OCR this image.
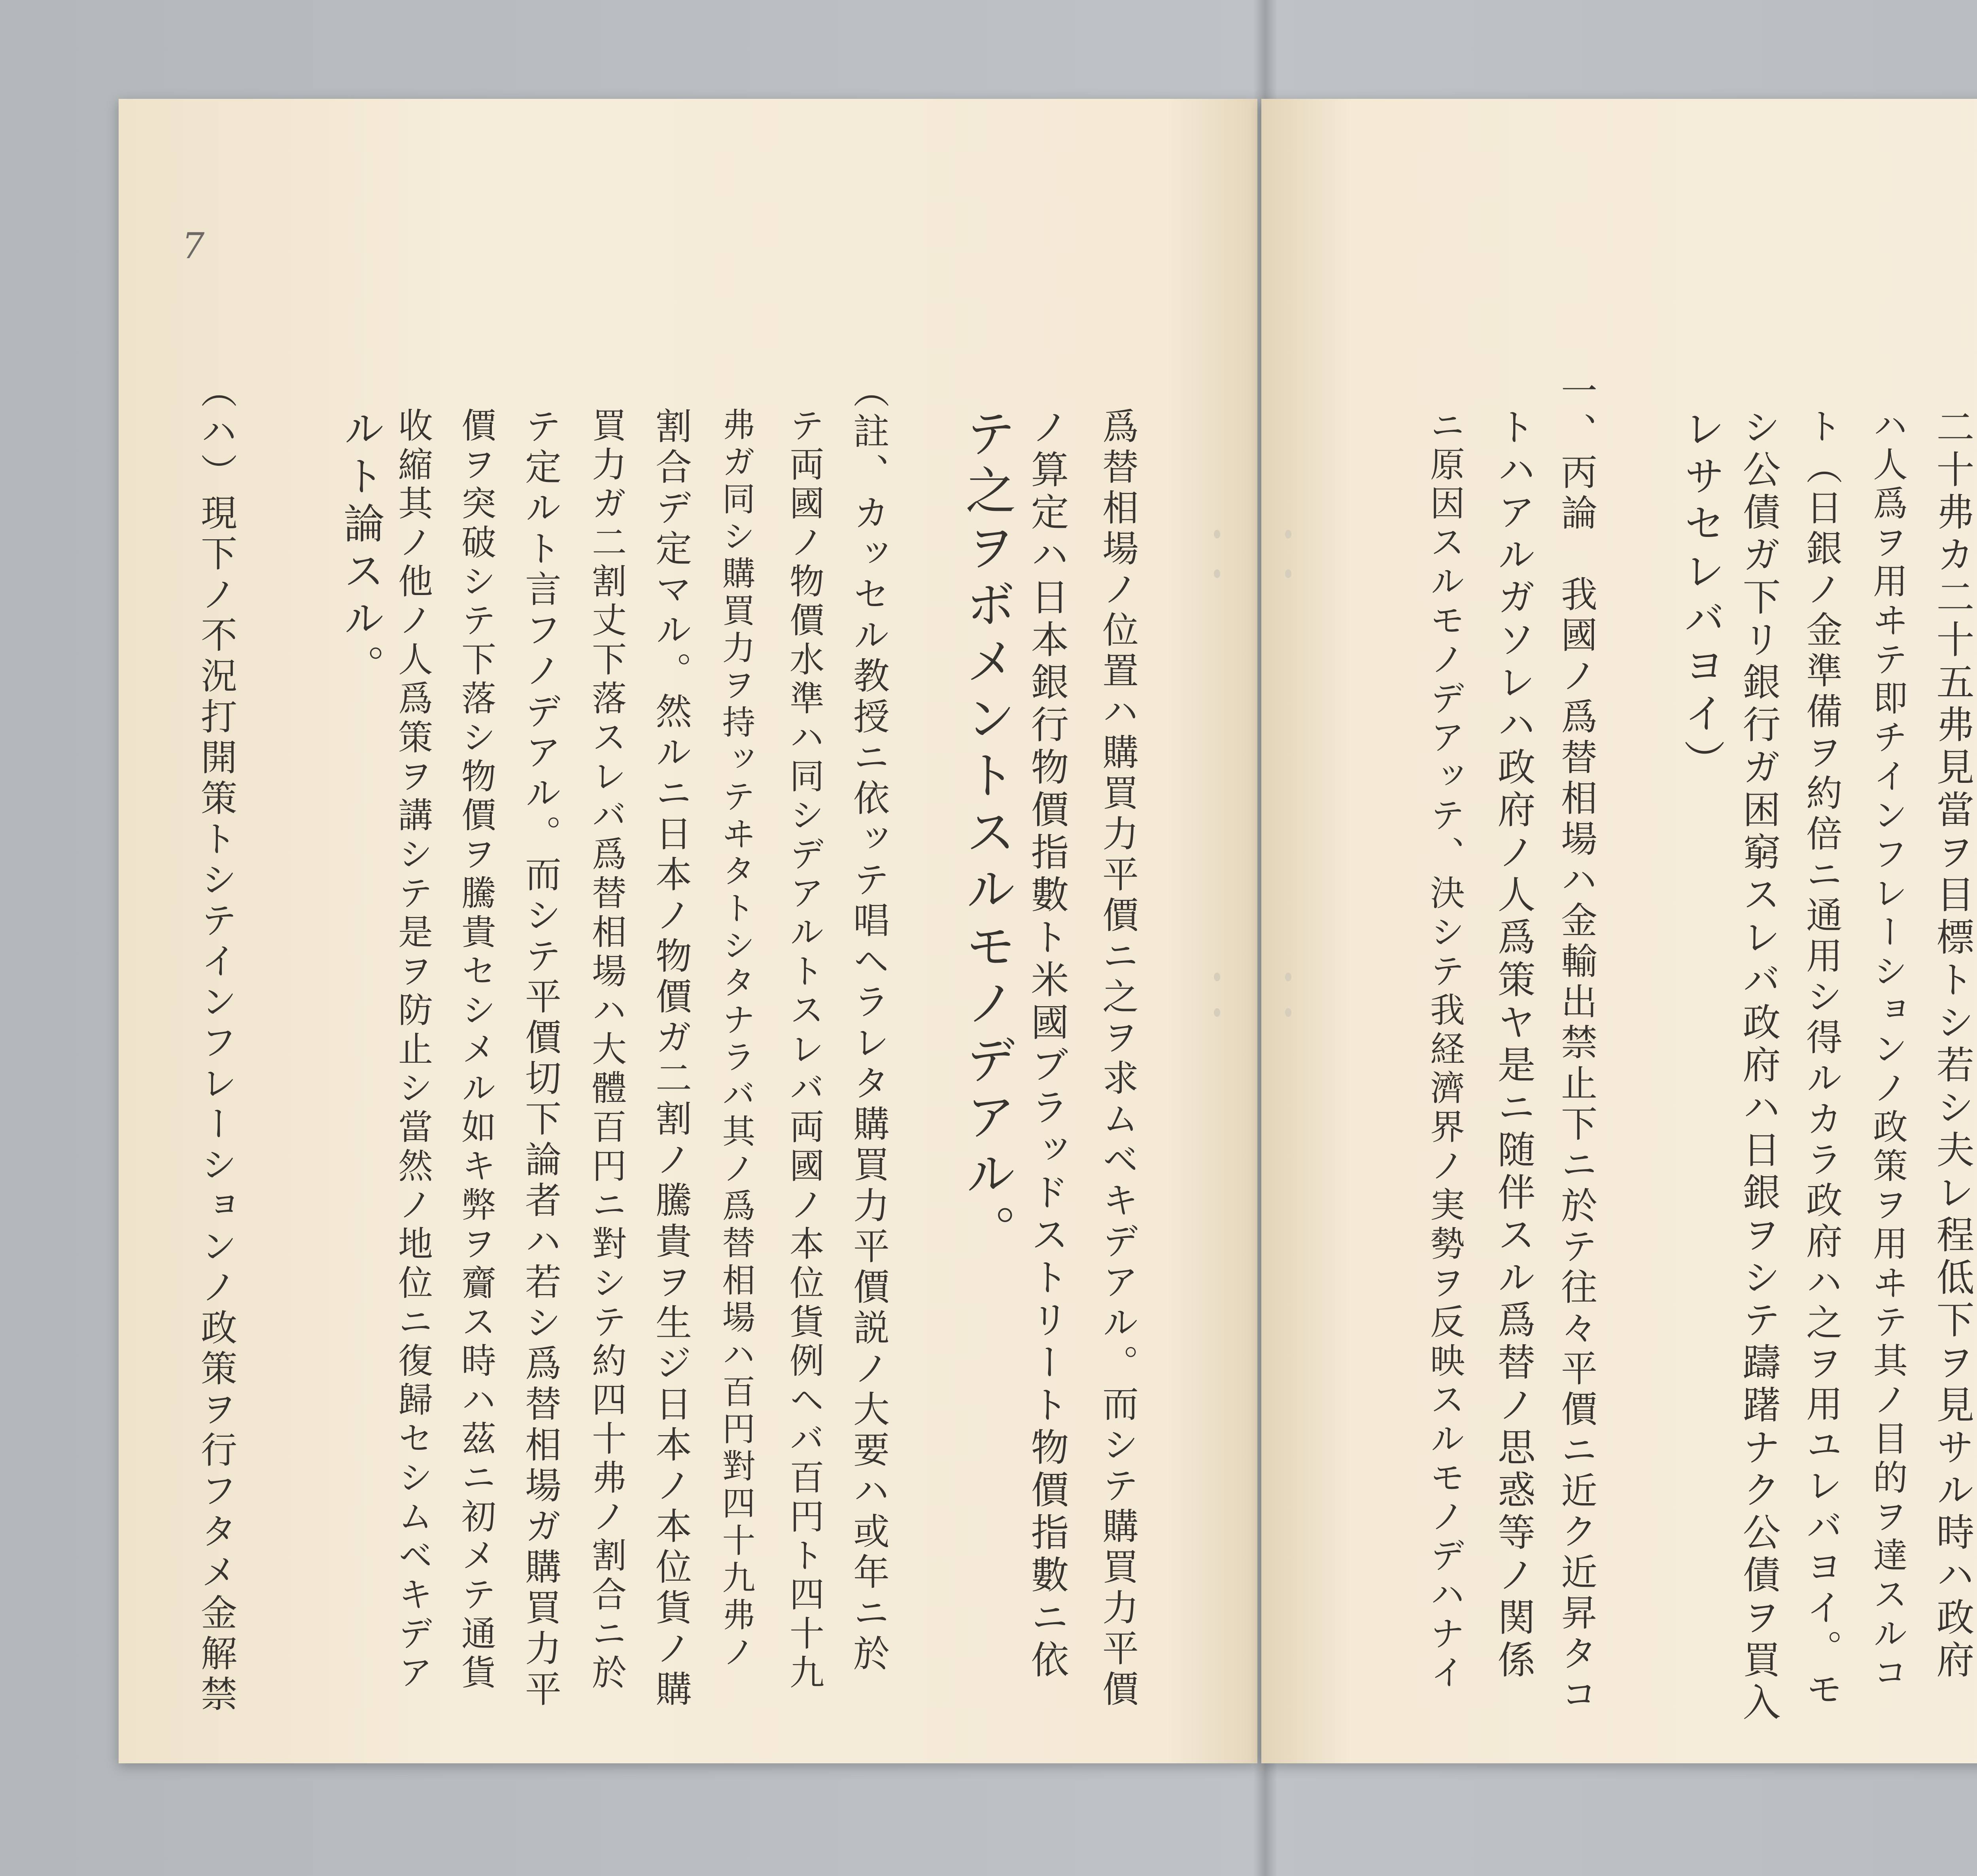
7
爲替相場ノ位置ハ購買力平價ニ之ヲ求ムベキデアル。而シテ購買力平價
ノ算定ハ日本銀行物價指數ト米國ブラッドストリート物價指數ニ依
テ之ヲボメントスルモノデアル。
（註、カッセル教授ニ依ッテ唱ヘラレタ購買力平價説ノ大要ハ或年ニ於
テ両國ノ物價水準ハ同シデアルトスレバ両國ノ本位貨例ヘバ百円ト四十九
弗ガ同シ購買力ヲ持ッテヰタトシタナラバ其ノ爲替相場ハ百円對四十九弗ノ
割合デ定マル。然ルニ日本ノ物價ガ二割ノ騰貴ヲ生ジ日本ノ本位貨ノ購
買力ガ二割丈下落スレバ爲替相場ハ大體百円ニ對シテ約四十弗ノ割合ニ於
テ定ルト言フノデアル。而シテ平價切下論者ハ若シ爲替相場ガ購買力平
價ヲ突破シテ下落シ物價ヲ騰貴セシメル如キ弊ヲ齎ス時ハ茲ニ初メテ通貨
收縮其ノ他ノ人爲策ヲ講シテ是ヲ防止シ當然ノ地位ニ復歸セシムベキデア
ルト論スル。
（ハ）現下ノ不況打開策トシテインフレーションノ政策ヲ行フタメ金解禁	二十弗カ二十五弗見當ヲ目標トシ若シ夫レ程低下ヲ見サル時ハ政府
ハ人爲ヲ用ヰテ即チインフレーションノ政策ヲ用ヰテ其ノ目的ヲ達スルコ
ト（日銀ノ金準備ヲ約倍ニ通用シ得ルカラ政府ハ之ヲ用ユレバヨイ。モ
シ公債ガ下リ銀行ガ困窮スレバ政府ハ日銀ヲシテ躊躇ナク公債ヲ買入
レサセレバヨイ）
一、丙論　我國ノ爲替相場ハ金輸出禁止下ニ於テ往々平價ニ近ク近昇タコ
トハアルガソレハ政府ノ人爲策ヤ是ニ随伴スル爲替ノ思惑等ノ関係
ニ原因スルモノデアッテ、決シテ我経濟界ノ実勢ヲ反映スルモノデハナイ
